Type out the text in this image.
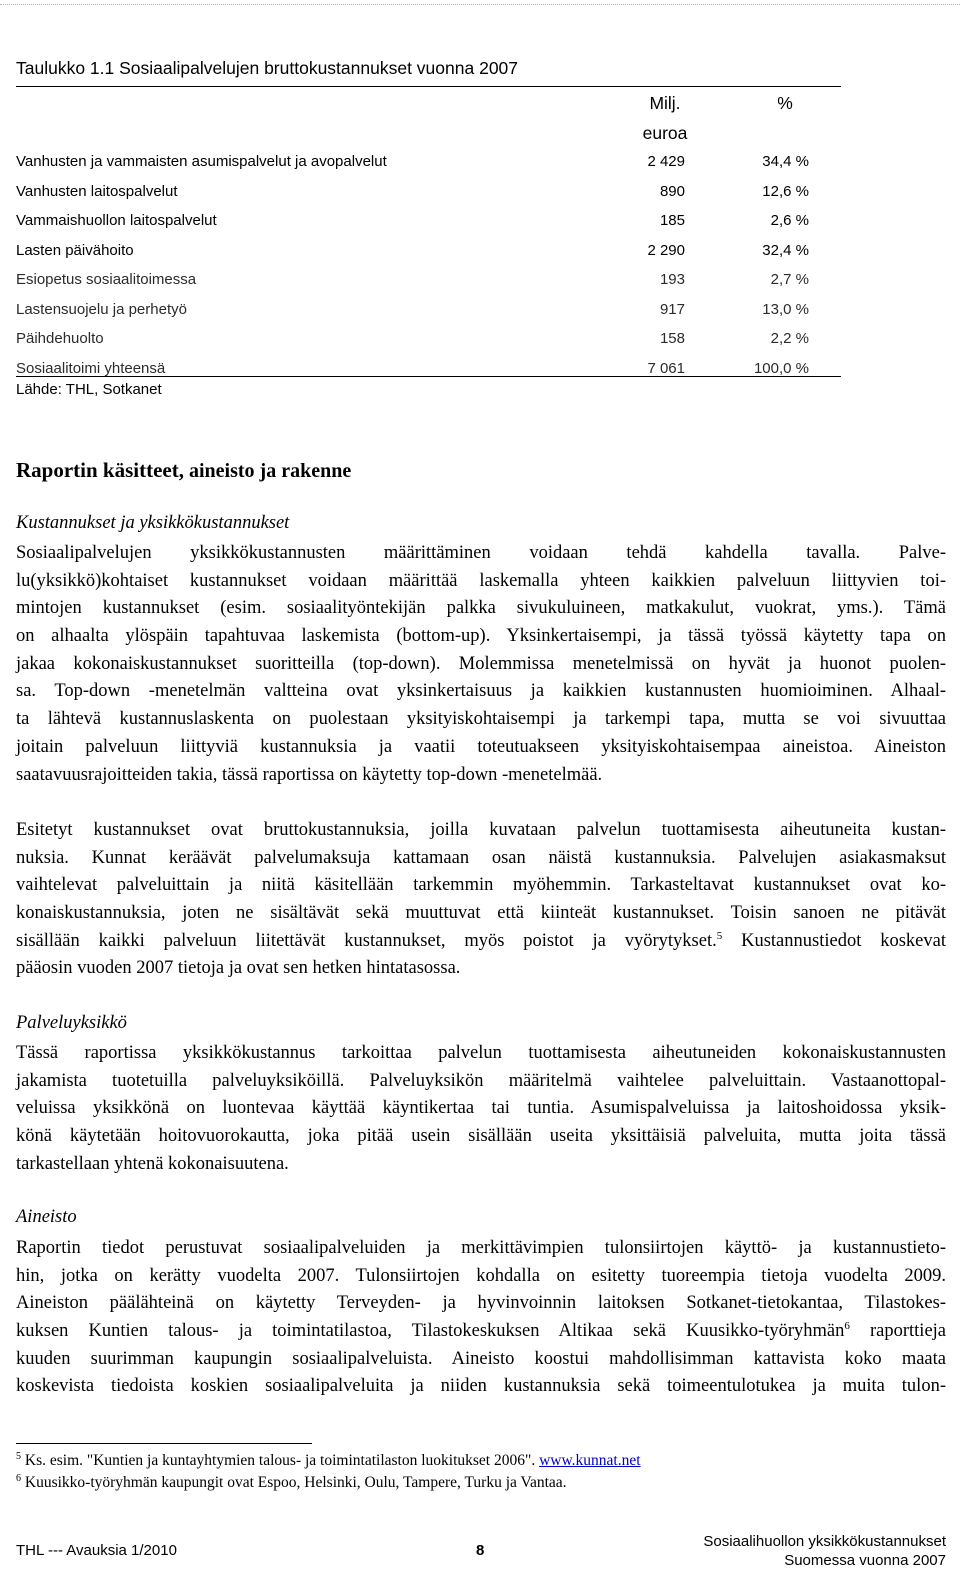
Taulukko 1.1 Sosiaalipalvelujen bruttokustannukset vuonna 2007
Milj.
euroa
%
Vanhusten ja vammaisten asumispalvelut ja avopalvelut	2 429	34,4 %
Vanhusten laitospalvelut	890	12,6 %
Vammaishuollon laitospalvelut	185	2,6 %
Lasten päivähoito	2 290	32,4 %
Esiopetus sosiaalitoimessa	193	2,7 %
Lastensuojelu ja perhetyö	917	13,0 %
Päihdehuolto	158	2,2 %
Sosiaalitoimi yhteensä	7 061	100,0 %
Lähde: THL, Sotkanet
Raportin käsitteet, aineisto ja rakenne
Kustannukset ja yksikkökustannukset
Sosiaalipalvelujen yksikkökustannusten määrittäminen voidaan tehdä kahdella tavalla. Palve-
lu(yksikkö)kohtaiset kustannukset voidaan määrittää laskemalla yhteen kaikkien palveluun liittyvien toi-
mintojen kustannukset (esim. sosiaalityöntekijän palkka sivukuluineen, matkakulut, vuokrat, yms.). Tämä
on alhaalta ylöspäin tapahtuvaa laskemista (bottom-up). Yksinkertaisempi, ja tässä työssä käytetty tapa on
jakaa kokonaiskustannukset suoritteilla (top-down). Molemmissa menetelmissä on hyvät ja huonot puolen-
sa. Top-down -menetelmän valtteina ovat yksinkertaisuus ja kaikkien kustannusten huomioiminen. Alhaal-
ta lähtevä kustannuslaskenta on puolestaan yksityiskohtaisempi ja tarkempi tapa, mutta se voi sivuuttaa
joitain palveluun liittyviä kustannuksia ja vaatii toteutuakseen yksityiskohtaisempaa aineistoa. Aineiston
saatavuusrajoitteiden takia, tässä raportissa on käytetty top-down -menetelmää.
Esitetyt kustannukset ovat bruttokustannuksia, joilla kuvataan palvelun tuottamisesta aiheutuneita kustan-
nuksia. Kunnat keräävät palvelumaksuja kattamaan osan näistä kustannuksia. Palvelujen asiakasmaksut
vaihtelevat palveluittain ja niitä käsitellään tarkemmin myöhemmin. Tarkasteltavat kustannukset ovat ko-
konaiskustannuksia, joten ne sisältävät sekä muuttuvat että kiinteät kustannukset. Toisin sanoen ne pitävät
sisällään kaikki palveluun liitettävät kustannukset, myös poistot ja vyörytykset.$^5$ Kustannustiedot koskevat
pääosin vuoden 2007 tietoja ja ovat sen hetken hintatasossa.
Palveluyksikkö
Tässä raportissa yksikkökustannus tarkoittaa palvelun tuottamisesta aiheutuneiden kokonaiskustannusten
jakamista tuotetuilla palveluyksiköillä. Palveluyksikön määritelmä vaihtelee palveluittain. Vastaanottopal-
veluissa yksikkönä on luontevaa käyttää käyntikertaa tai tuntia. Asumispalveluissa ja laitoshoidossa yksik-
könä käytetään hoitovuorokautta, joka pitää usein sisällään useita yksittäisiä palveluita, mutta joita tässä
tarkastellaan yhtenä kokonaisuutena.
Aineisto
Raportin tiedot perustuvat sosiaalipalveluiden ja merkittävimpien tulonsiirtojen käyttö- ja kustannustieto-
hin, jotka on kerätty vuodelta 2007. Tulonsiirtojen kohdalla on esitetty tuoreempia tietoja vuodelta 2009.
Aineiston päälähteinä on käytetty Terveyden- ja hyvinvoinnin laitoksen Sotkanet-tietokantaa, Tilastokes-
kuksen Kuntien talous- ja toimintatilastoa, Tilastokeskuksen Altikaa sekä Kuusikko-työryhmän$^6$ raporttieja
kuuden suurimman kaupungin sosiaalipalveluista. Aineisto koostui mahdollisimman kattavista koko maata
koskevista tiedoista koskien sosiaalipalveluita ja niiden kustannuksia sekä toimeentulotukea ja muita tulon-
$^5$ Ks. esim. "Kuntien ja kuntayhtymien talous- ja toimintatilaston luokitukset 2006". www.kunnat.net
$^6$ Kuusikko-työryhmän kaupungit ovat Espoo, Helsinki, Oulu, Tampere, Turku ja Vantaa.
THL --- Avauksia 1/2010	8
Sosiaalihuollon yksikkökustannukset
Suomessa vuonna 2007
